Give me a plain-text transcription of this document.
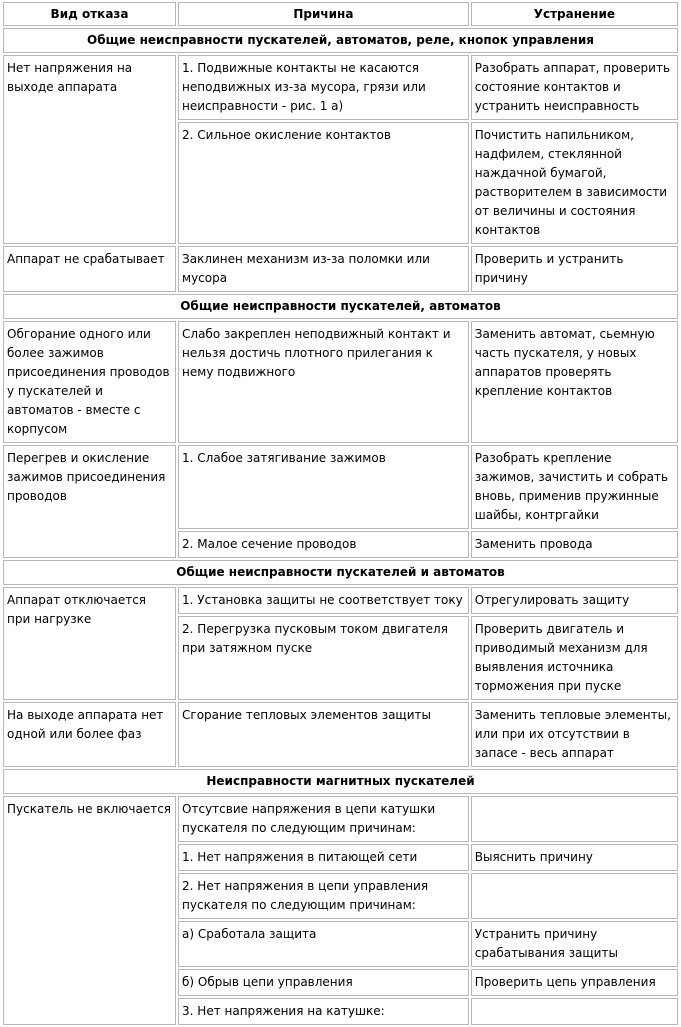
Вид отказа	Причина	Устранение
Общие неисправности пускателей, автоматов, реле, кнопок управления		
Нет напряжения на выходе аппарата	1. Подвижные контакты не касаются неподвижных из-за мусора, грязи или неисправности - рис. 1 а)	Разобрать аппарат, проверить состояние контактов и устранить неисправность
	2. Сильное окисление контактов	Почистить напильником, надфилем, стеклянной наждачной бумагой, растворителем в зависимости от величины и состояния контактов
Аппарат не срабатывает	Заклинен механизм из-за поломки или мусора	Проверить и устранить причину
Общие неисправности пускателей, автоматов		
Обгорание одного или более зажимов присоединения проводов у пускателей и автоматов - вместе с корпусом	Слабо закреплен неподвижный контакт и нельзя достичь плотного прилегания к нему подвижного	Заменить автомат, сьемную часть пускателя, у новых аппаратов проверять крепление контактов
Перегрев и окисление зажимов присоединения проводов	1. Слабое затягивание зажимов	Разобрать крепление зажимов, зачистить и собрать вновь, применив пружинные шайбы, контргайки
	2. Малое сечение проводов	Заменить провода
Общие неисправности пускателей и автоматов		
Аппарат отключается при нагрузке	1. Установка защиты не соответствует току	Отрегулировать защиту
	2. Перегрузка пусковым током двигателя при затяжном пуске	Проверить двигатель и приводимый механизм для выявления источника торможения при пуске
На выходе аппарата нет одной или более фаз	Сгорание тепловых элементов защиты	Заменить тепловые элементы, или при их отсутствии в запасе - весь аппарат
Неисправности магнитных пускателей		
Пускатель не включается	Отсутсвие напряжения в цепи катушки пускателя по следующим причинам:	
	1. Нет напряжения в питающей сети	Выяснить причину
	2. Нет напряжения в цепи управления пускателя по следующим причинам:	
	а) Сработала защита	Устранить причину срабатывания защиты
	б) Обрыв цепи управления	Проверить цепь управления
	3. Нет напряжения на катушке:	
